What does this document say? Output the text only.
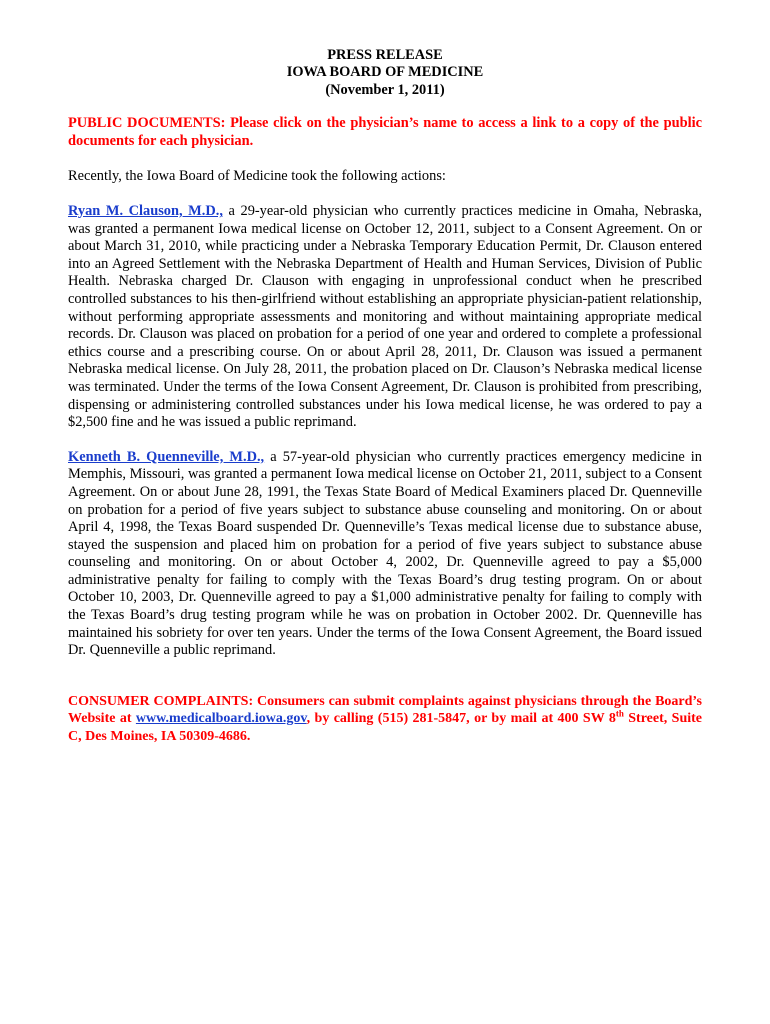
PRESS RELEASE
IOWA BOARD OF MEDICINE
(November 1, 2011)

PUBLIC DOCUMENTS: Please click on the physician’s name to access a link to a copy of the public documents for each physician.

Recently, the Iowa Board of Medicine took the following actions:

Ryan M. Clauson, M.D., a 29-year-old physician who currently practices medicine in Omaha, Nebraska, was granted a permanent Iowa medical license on October 12, 2011, subject to a Consent Agreement. On or about March 31, 2010, while practicing under a Nebraska Temporary Education Permit, Dr. Clauson entered into an Agreed Settlement with the Nebraska Department of Health and Human Services, Division of Public Health. Nebraska charged Dr. Clauson with engaging in unprofessional conduct when he prescribed controlled substances to his then-girlfriend without establishing an appropriate physician-patient relationship, without performing appropriate assessments and monitoring and without maintaining appropriate medical records. Dr. Clauson was placed on probation for a period of one year and ordered to complete a professional ethics course and a prescribing course. On or about April 28, 2011, Dr. Clauson was issued a permanent Nebraska medical license. On July 28, 2011, the probation placed on Dr. Clauson’s Nebraska medical license was terminated. Under the terms of the Iowa Consent Agreement, Dr. Clauson is prohibited from prescribing, dispensing or administering controlled substances under his Iowa medical license, he was ordered to pay a $2,500 fine and he was issued a public reprimand.

Kenneth B. Quenneville, M.D., a 57-year-old physician who currently practices emergency medicine in Memphis, Missouri, was granted a permanent Iowa medical license on October 21, 2011, subject to a Consent Agreement. On or about June 28, 1991, the Texas State Board of Medical Examiners placed Dr. Quenneville on probation for a period of five years subject to substance abuse counseling and monitoring. On or about April 4, 1998, the Texas Board suspended Dr. Quenneville’s Texas medical license due to substance abuse, stayed the suspension and placed him on probation for a period of five years subject to substance abuse counseling and monitoring. On or about October 4, 2002, Dr. Quenneville agreed to pay a $5,000 administrative penalty for failing to comply with the Texas Board’s drug testing program. On or about October 10, 2003, Dr. Quenneville agreed to pay a $1,000 administrative penalty for failing to comply with the Texas Board’s drug testing program while he was on probation in October 2002. Dr. Quenneville has maintained his sobriety for over ten years. Under the terms of the Iowa Consent Agreement, the Board issued Dr. Quenneville a public reprimand.

CONSUMER COMPLAINTS: Consumers can submit complaints against physicians through the Board’s Website at www.medicalboard.iowa.gov, by calling (515) 281-5847, or by mail at 400 SW 8th Street, Suite C, Des Moines, IA 50309-4686.
